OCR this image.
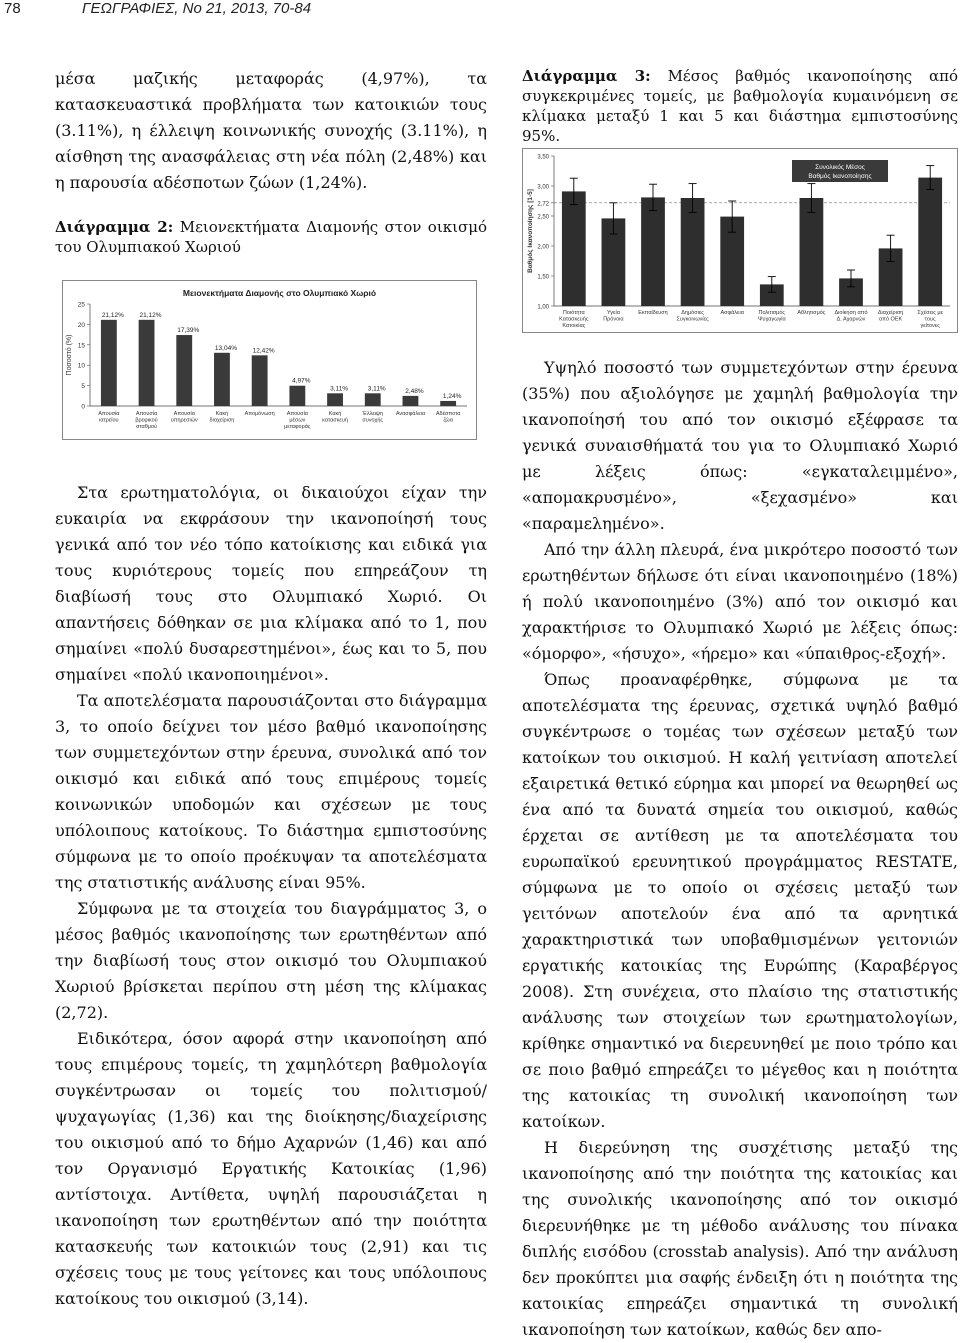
78	ΓΕΩΓΡΑΦΙΕΣ, Νο 21, 2013, 70-84

μέσα μαζικής μεταφοράς (4,97%), τα κατασκευαστικά προβλήματα των κατοικιών τους (3.11%), η έλλειψη κοινωνικής συνοχής (3.11%), η αίσθηση της ανασφάλειας στη νέα πόλη (2,48%) και η παρουσία αδέσποτων ζώων (1,24%).

Διάγραμμα 2: Μειονεκτήματα Διαμονής στον οικισμό του Ολυμπιακού Χωριού
Μειονεκτήματα Διαμονής στο Ολυμπιακό Χωριό
Ποσοστό (%)
0
5
10
15
20
25
21,12%
Απουσία ιατρείου
21,12%
Απουσία βρεφικού σταθμού
17,39%
Απουσία υπηρεσιών
13,04%
Κακή διαχείριση
12,42%
Απομόνωση
4,97%
Απουσία μέσων μεταφοράς
3,11%
Κακή κατασκευή
3,11%
Έλλειψη συνοχής
2,48%
Ανασφάλεια
1,24%
Αδέσποτα ζώα

Στα ερωτηματολόγια, οι δικαιούχοι είχαν την ευκαιρία να εκφράσουν την ικανοποίησή τους γενικά από τον νέο τόπο κατοίκισης και ειδικά για τους κυριότερους τομείς που επηρεάζουν τη διαβίωσή τους στο Ολυμπιακό Χωριό. Οι απαντήσεις δόθηκαν σε μια κλίμακα από το 1, που σημαίνει «πολύ δυσαρεστημένοι», έως και το 5, που σημαίνει «πολύ ικανοποιημένοι».

Τα αποτελέσματα παρουσιάζονται στο διάγραμμα 3, το οποίο δείχνει τον μέσο βαθμό ικανοποίησης των συμμετεχόντων στην έρευνα, συνολικά από τον οικισμό και ειδικά από τους επιμέρους τομείς κοινωνικών υποδομών και σχέσεων με τους υπόλοιπους κατοίκους. Το διάστημα εμπιστοσύνης σύμφωνα με το οποίο προέκυψαν τα αποτελέσματα της στατιστικής ανάλυσης είναι 95%.

Σύμφωνα με τα στοιχεία του διαγράμματος 3, ο μέσος βαθμός ικανοποίησης των ερωτηθέντων από την διαβίωσή τους στον οικισμό του Ολυμπιακού Χωριού βρίσκεται περίπου στη μέση της κλίμακας (2,72).

Ειδικότερα, όσον αφορά στην ικανοποίηση από τους επιμέρους τομείς, τη χαμηλότερη βαθμολογία συγκέντρωσαν οι τομείς του πολιτισμού/ψυχαγωγίας (1,36) και της διοίκησης/διαχείρισης του οικισμού από το δήμο Αχαρνών (1,46) και από τον Οργανισμό Εργατικής Κατοικίας (1,96) αντίστοιχα. Αντίθετα, υψηλή παρουσιάζεται η ικανοποίηση των ερωτηθέντων από την ποιότητα κατασκευής των κατοικιών τους (2,91) και τις σχέσεις τους με τους γείτονες και τους υπόλοιπους κατοίκους του οικισμού (3,14).

Διάγραμμα 3: Μέσος βαθμός ικανοποίησης από συγκεκριμένες τομείς, με βαθμολογία κυμαινόμενη σε κλίμακα μεταξύ 1 και 5 και διάστημα εμπιστοσύνης 95%.
Βαθμός Ικανοποίησης [1-5]
1,00
1,50
2,00
2,50
2,72
3,00
3,50
Ποιότητα Κατασκευής Κατοικίας
Υγεία Πρόνοια
Εκπαίδευση	Δημόσιες Συγκοινωνίες
Ασφάλεια	Πολιτισμός Ψυχαγωγία
Αθλητισμός Διοίκηση από Δ. Αχαρνών
Διαχείριση από ΟΕΚ
Σχέσεις με τους γείτονες
Συνολικός Μέσος
Βαθμός Ικανοποίησης

Υψηλό ποσοστό των συμμετεχόντων στην έρευνα (35%) που αξιολόγησε με χαμηλή βαθμολογία την ικανοποίησή του από τον οικισμό εξέφρασε τα γενικά συναισθήματά του για το Ολυμπιακό Χωριό με λέξεις όπως: «εγκαταλειμμένο», «απομακρυσμένο», «ξεχασμένο» και «παραμελημένο».

Από την άλλη πλευρά, ένα μικρότερο ποσοστό των ερωτηθέντων δήλωσε ότι είναι ικανοποιημένο (18%) ή πολύ ικανοποιημένο (3%) από τον οικισμό και χαρακτήρισε το Ολυμπιακό Χωριό με λέξεις όπως: «όμορφο», «ήσυχο», «ήρεμο» και «ύπαιθρος-εξοχή».

Όπως προαναφέρθηκε, σύμφωνα με τα αποτελέσματα της έρευνας, σχετικά υψηλό βαθμό συγκέντρωσε ο τομέας των σχέσεων μεταξύ των κατοίκων του οικισμού. Η καλή γειτνίαση αποτελεί εξαιρετικά θετικό εύρημα και μπορεί να θεωρηθεί ως ένα από τα δυνατά σημεία του οικισμού, καθώς έρχεται σε αντίθεση με τα αποτελέσματα του ευρωπαϊκού ερευνητικού προγράμματος RESTATE, σύμφωνα με το οποίο οι σχέσεις μεταξύ των γειτόνων αποτελούν ένα από τα αρνητικά χαρακτηριστικά των υποβαθμισμένων γειτονιών εργατικής κατοικίας της Ευρώπης (Καραβέργος 2008). Στη συνέχεια, στο πλαίσιο της στατιστικής ανάλυσης των στοιχείων των ερωτηματολογίων, κρίθηκε σημαντικό να διερευνηθεί με ποιο τρόπο και σε ποιο βαθμό επηρεάζει το μέγεθος και η ποιότητα της κατοικίας τη συνολική ικανοποίηση των κατοίκων.

Η διερεύνηση της συσχέτισης μεταξύ της ικανοποίησης από την ποιότητα της κατοικίας και της συνολικής ικανοποίησης από τον οικισμό διερευνήθηκε με τη μέθοδο ανάλυσης του πίνακα διπλής εισόδου (crosstab analysis). Από την ανάλυση δεν προκύπτει μια σαφής ένδειξη ότι η ποιότητα της κατοικίας επηρεάζει σημαντικά τη συνολική ικανοποίηση των κατοίκων, καθώς δεν απο-
